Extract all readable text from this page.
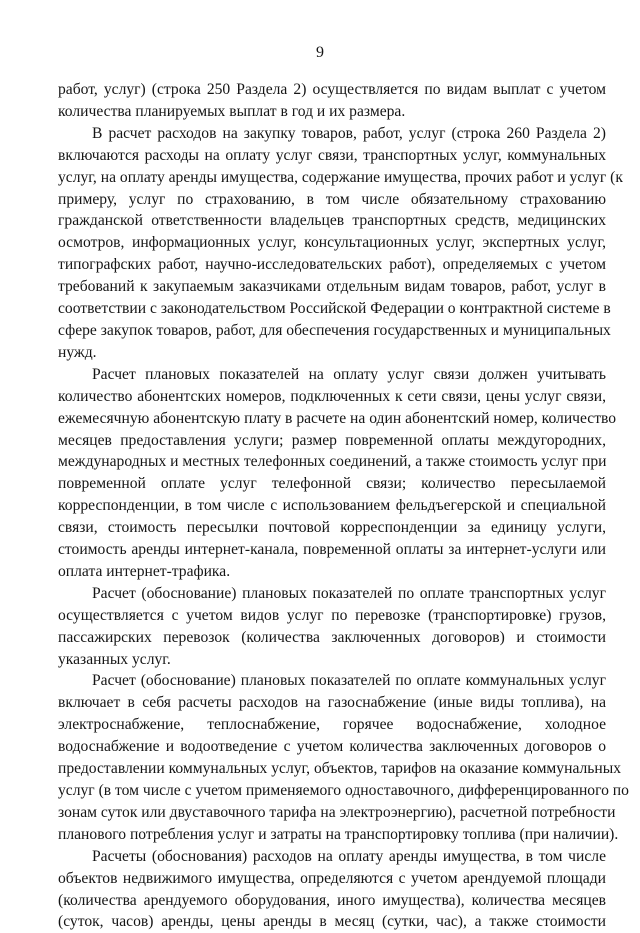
9
работ, услуг) (строка 250 Раздела 2) осуществляется по видам выплат с учетом
количества планируемых выплат в год и их размера.
В расчет расходов на закупку товаров, работ, услуг (строка 260 Раздела 2)
включаются расходы на оплату услуг связи, транспортных услуг, коммунальных
услуг, на оплату аренды имущества, содержание имущества, прочих работ и услуг (к
примеру, услуг по страхованию, в том числе обязательному страхованию
гражданской ответственности владельцев транспортных средств, медицинских
осмотров, информационных услуг, консультационных услуг, экспертных услуг,
типографских работ, научно-исследовательских работ), определяемых с учетом
требований к закупаемым заказчиками отдельным видам товаров, работ, услуг в
соответствии с законодательством Российской Федерации о контрактной системе в
сфере закупок товаров, работ, для обеспечения государственных и муниципальных
нужд.
Расчет плановых показателей на оплату услуг связи должен учитывать
количество абонентских номеров, подключенных к сети связи, цены услуг связи,
ежемесячную абонентскую плату в расчете на один абонентский номер, количество
месяцев предоставления услуги; размер повременной оплаты междугородних,
международных и местных телефонных соединений, а также стоимость услуг при
повременной оплате услуг телефонной связи; количество пересылаемой
корреспонденции, в том числе с использованием фельдъегерской и специальной
связи, стоимость пересылки почтовой корреспонденции за единицу услуги,
стоимость аренды интернет-канала, повременной оплаты за интернет-услуги или
оплата интернет-трафика.
Расчет (обоснование) плановых показателей по оплате транспортных услуг
осуществляется с учетом видов услуг по перевозке (транспортировке) грузов,
пассажирских перевозок (количества заключенных договоров) и стоимости
указанных услуг.
Расчет (обоснование) плановых показателей по оплате коммунальных услуг
включает в себя расчеты расходов на газоснабжение (иные виды топлива), на
электроснабжение, теплоснабжение, горячее водоснабжение, холодное
водоснабжение и водоотведение с учетом количества заключенных договоров о
предоставлении коммунальных услуг, объектов, тарифов на оказание коммунальных
услуг (в том числе с учетом применяемого одноставочного, дифференцированного по
зонам суток или двуставочного тарифа на электроэнергию), расчетной потребности
планового потребления услуг и затраты на транспортировку топлива (при наличии).
Расчеты (обоснования) расходов на оплату аренды имущества, в том числе
объектов недвижимого имущества, определяются с учетом арендуемой площади
(количества арендуемого оборудования, иного имущества), количества месяцев
(суток, часов) аренды, цены аренды в месяц (сутки, час), а также стоимости
